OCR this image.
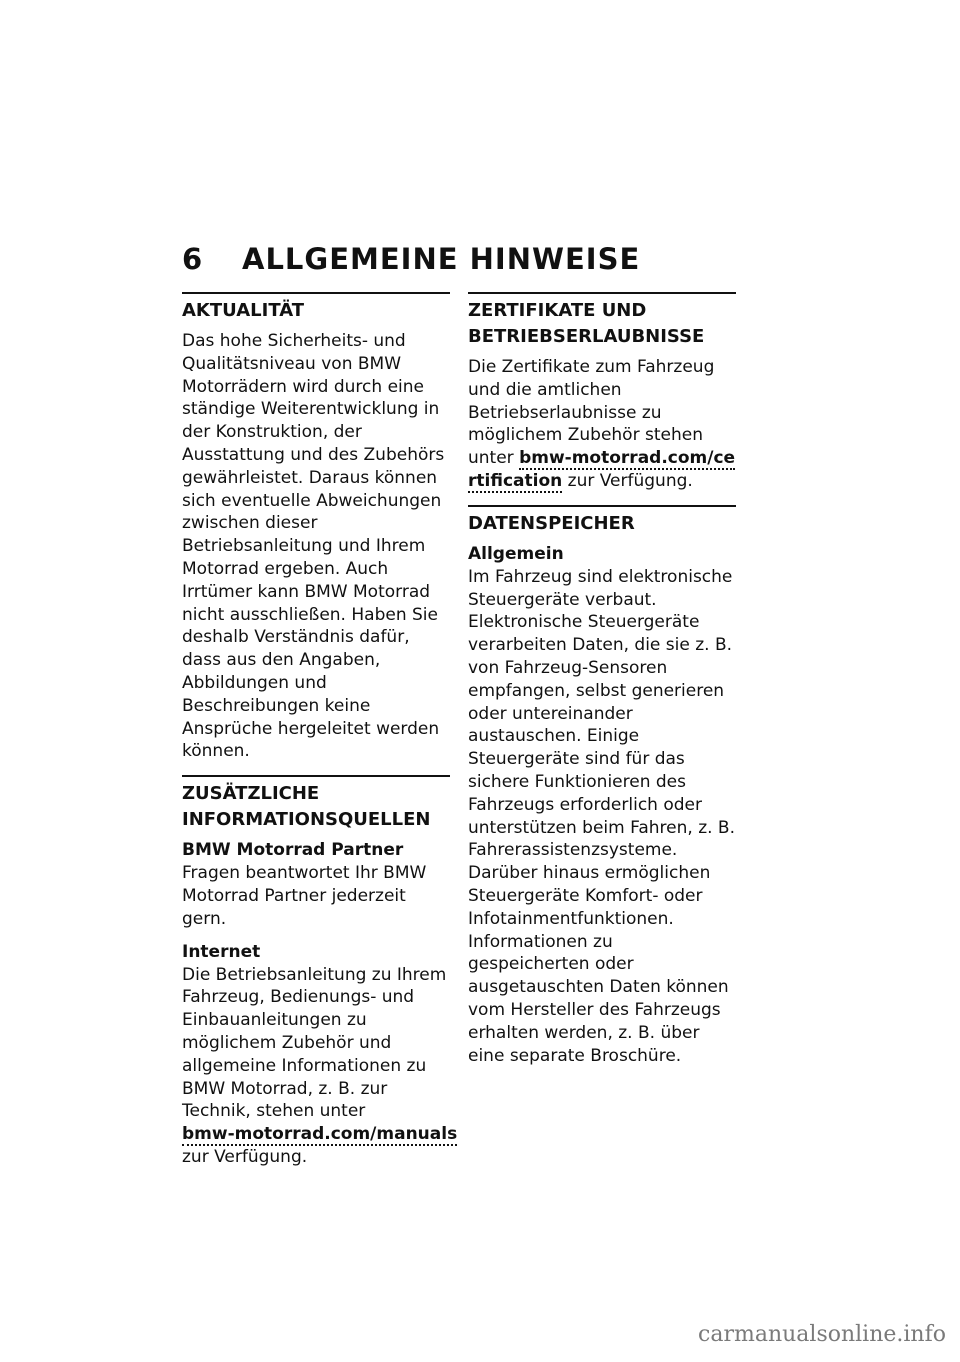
6 ALLGEMEINE HINWEISE
AKTUALITÄT

Das hohe Sicherheits- und Qualitätsniveau von BMW Motorrädern wird durch eine ständige Weiterentwicklung in der Konstruktion, der Ausstattung und des Zubehörs gewährleistet. Daraus können sich eventuelle Abweichungen zwischen dieser Betriebsanleitung und Ihrem Motorrad ergeben. Auch Irrtümer kann BMW Motorrad nicht ausschließen. Haben Sie deshalb Verständnis dafür, dass aus den Angaben, Abbildungen und Beschreibungen keine Ansprüche hergeleitet werden können.

ZUSÄTZLICHE INFORMATIONSQUELLEN
BMW Motorrad Partner

Fragen beantwortet Ihr BMW Motorrad Partner jederzeit gern.

Internet

Die Betriebsanleitung zu Ihrem Fahrzeug, Bedienungs- und Einbauanleitungen zu möglichem Zubehör und allgemeine Informationen zu BMW Motorrad, z. B. zur Technik, stehen unter bmw-motorrad.com/manuals zur Verfügung.

ZERTIFIKATE UND BETRIEBSERLAUBNISSE

Die Zertifikate zum Fahrzeug und die amtlichen Betriebserlaubnisse zu möglichem Zubehör stehen unter bmw-motorrad.com/certification zur Verfügung.

DATENSPEICHER
Allgemein

Im Fahrzeug sind elektronische Steuergeräte verbaut. Elektronische Steuergeräte verarbeiten Daten, die sie z. B. von Fahrzeug-Sensoren empfangen, selbst generieren oder untereinander austauschen. Einige Steuergeräte sind für das sichere Funktionieren des Fahrzeugs erforderlich oder unterstützen beim Fahren, z. B. Fahrerassistenzsysteme. Darüber hinaus ermöglichen Steuergeräte Komfort- oder Infotainmentfunktionen.

Informationen zu gespeicherten oder ausgetauschten Daten können vom Hersteller des Fahrzeugs erhalten werden, z. B. über eine separate Broschüre.

carmanualsonline.info
